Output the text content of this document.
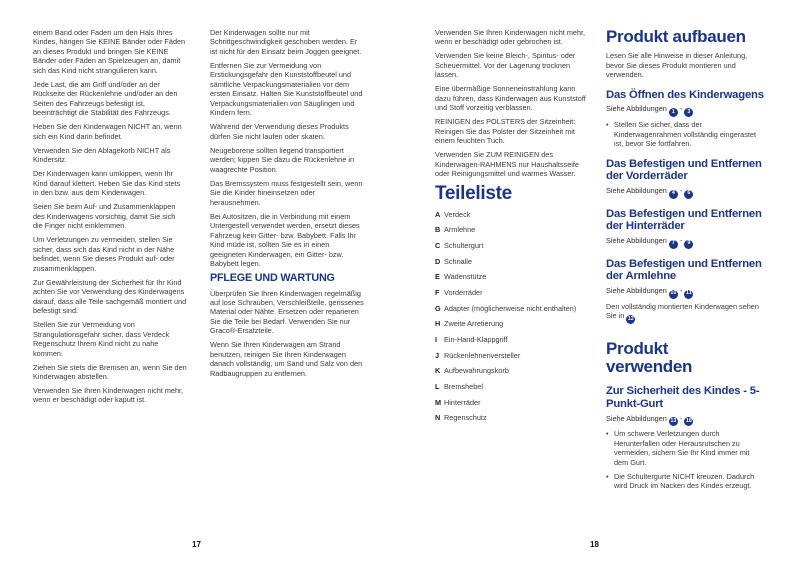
einem Band oder Faden um den Hals Ihres Kindes, hängen Sie KEINE Bänder oder Fäden an dieses Produkt und bringen Sie KEINE Bänder oder Fäden an Spielzeugen an, damit sich das Kind nicht strangulieren kann.

Jede Last, die am Griff und/oder an der Rückseite der Rückenlehne und/oder an den Seiten des Fahrzeugs befestigt ist, beeinträchtigt die Stabilität des Fahrzeugs.

Heben Sie den Kinderwagen NICHT an, wenn sich ein Kind darin befindet.

Verwenden Sie den Ablagekorb NICHT als Kindersitz.

Der Kinderwagen kann umkippen, wenn Ihr Kind darauf klettert. Heben Sie das Kind stets in den bzw. aus dem Kinderwagen.

Seien Sie beim Auf- und Zusammenklappen des Kinderwagens vorsichtig, damit Sie sich die Finger nicht einklemmen.

Um Verletzungen zu vermeiden, stellen Sie sicher, dass sich das Kind nicht in der Nähe befindet, wenn Sie dieses Produkt auf- oder zusammenklappen.

Zur Gewährleistung der Sicherheit für Ihr Kind achten Sie vor Verwendung des Kinderwagens darauf, dass alle Teile sachgemäß montiert und befestigt sind.

Stellen Sie zur Vermeidung von Strangulationsgefahr sicher, dass Verdeck Regenschutz Ihrem Kind nicht zu nahe kommen.

Ziehen Sie stets die Bremsen an, wenn Sie den Kinderwagen abstellen.

Verwenden Sie Ihren Kinderwagen nicht mehr, wenn er beschädigt oder kaputt ist.

Der Kinderwagen sollte nur mit Schrittgeschwindigkeit geschoben werden. Er ist nicht für den Einsatz beim Joggen geeignet.

Entfernen Sie zur Vermeidung von Erstickungsgefahr den Kunststoffbeutel und sämtliche Verpackungsmaterialien vor dem ersten Einsatz. Halten Sie Kunststoffbeutel und Verpackungsmaterialien von Säuglingen und Kindern fern.

Während der Verwendung dieses Produkts dürfen Sie nicht laufen oder skaten.

Neugeborene sollten liegend transportiert werden; kippen Sie dazu die Rückenlehne in waagrechte Position.

Das Bremssystem muss festgestellt sein, wenn Sie die Kinder hineinsetzen oder herausnehmen.

Bei Autositzen, die in Verbindung mit einem Untergestell verwendet werden, ersetzt dieses Fahrzeug kein Gitter- bzw. Babybett. Falls Ihr Kind müde ist, sollten Sie es in einen geeigneten Kinderwagen, ein Gitter- bzw. Babybett legen.

PFLEGE UND WARTUNG

Überprüfen Sie Ihren Kinderwagen regelmäßig auf lose Schrauben, Verschleißteile, gerissenes Material oder Nähte. Ersetzen oder reparieren Sie die Teile bei Bedarf. Verwenden Sie nur Graco®-Ersatzteile.

Wenn Sie Ihren Kinderwagen am Strand benutzen, reinigen Sie Ihren Kinderwagen danach vollständig, um Sand und Salz von den Radbaugruppen zu entfernen.

Verwenden Sie Ihren Kinderwagen nicht mehr, wenn er beschädigt oder gebrochen ist.

Verwenden Sie keine Bleich-, Spiritus- oder Scheuermittel. Vor der Lagerung trocknen lassen.

Eine übermäßige Sonneneinstrahlung kann dazu führen, dass Kinderwagen aus Kunststoff und Stoff vorzeitig verblassen.

REINIGEN des POLSTERS der Sitzeinheit: Reinigen Sie das Polster der Sitzeinheit mit einem feuchten Tuch.

Verwenden Sie ZUM REINIGEN des Kinderwagen-RAHMENS nur Haushaltsseife oder Reinigungsmittel und warmes Wasser.

Teileliste
A Verdeck
B Armlehne
C Schultergurt
D Schnalle
E Wadenstütze
F Vorderräder
G Adapter (möglicherweise nicht enthalten)
H Zweite Arretierung
I Ein-Hand-Klappgriff
J Rückenlehnenversteller
K Aufbewahrungskorb
L Bremshebel
M Hinterräder
N Regenschutz
Produkt aufbauen

Lesen Sie alle Hinweise in dieser Anleitung, bevor Sie dieses Produkt montieren und verwenden.

Das Öffnen des Kinderwagens
Siehe Abbildungen 1 - 3
• Stellen Sie sicher, dass der Kinderwagenrahmen vollständig eingerastet ist, bevor Sie fortfahren.
Das Befestigen und Entfernen der Vorderräder
Siehe Abbildungen 4 - 6
Das Befestigen und Entfernen der Hinterräder
Siehe Abbildungen 7 - 9
Das Befestigen und Entfernen der Armlehne
Siehe Abbildungen 10 - 11

Den vollständig montierten Kinderwagen sehen Sie in 12

Produkt verwenden
Zur Sicherheit des Kindes - 5-Punkt-Gurt
Siehe Abbildungen 13 - 18
• Um schwere Verletzungen durch Herunterfallen oder Herausrutschen zu vermeiden, sichern Sie Ihr Kind immer mit dem Gurt.
• Die Schultergurte NICHT kreuzen. Dadurch wird Druck im Nacken des Kindes erzeugt.
17	18
